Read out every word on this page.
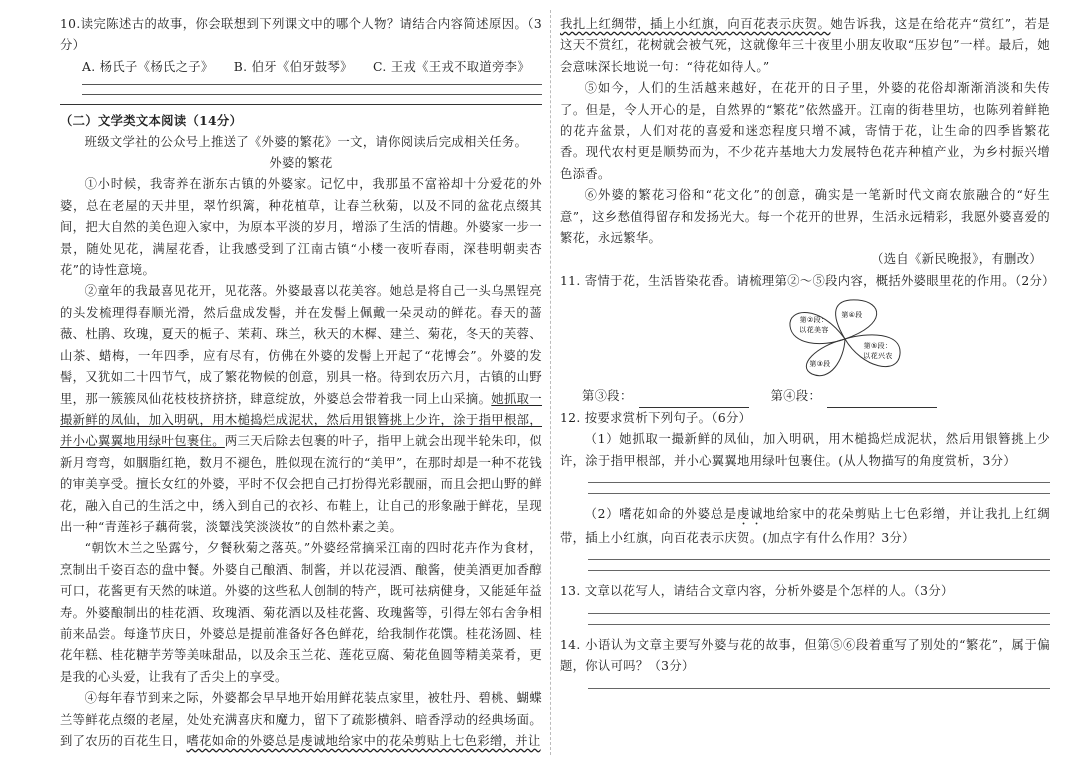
10.读完陈述古的故事，你会联想到下列课文中的哪个人物？请结合内容简述原因。（3分）

A. 杨氏子《杨氏之子》 B. 伯牙《伯牙鼓琴》 C. 王戎《王戎不取道旁李》

（二）文学类文本阅读（14分）

班级文学社的公众号上推送了《外婆的繁花》一文，请你阅读后完成相关任务。

外婆的繁花

①小时候，我寄养在浙东古镇的外婆家。记忆中，我那虽不富裕却十分爱花的外婆，总在老屋的天井里，翠竹织篱，种花植草，让春兰秋菊，以及不同的盆花点缀其间，把大自然的美色迎入家中，为原本平淡的岁月，增添了生活的情趣。外婆家一步一景，随处见花，满屋花香，让我感受到了江南古镇“小楼一夜听春雨，深巷明朝卖杏花”的诗性意境。

②童年的我最喜见花开，见花落。外婆最喜以花美容。她总是将自己一头乌黑锃亮的头发梳理得春顺光滑，然后盘成发髻，并在发髻上佩戴一朵灵动的鲜花。春天的蔷薇、杜鹃、玫瑰，夏天的栀子、茉莉、珠兰，秋天的木樨、建兰、菊花，冬天的芙蓉、山茶、蜡梅，一年四季，应有尽有，仿佛在外婆的发髻上开起了“花博会”。外婆的发髻，又犹如二十四节气，成了繁花物候的创意，别具一格。待到农历六月，古镇的山野里，那一簇簇凤仙花枝枝挤挤挤，肆意绽放，外婆总会带着我一同上山采摘。她抓取一撮新鲜的凤仙，加入明矾，用木槌捣烂成泥状，然后用银簪挑上少许，涂于指甲根部，并小心翼翼地用绿叶包裹住。两三天后除去包裹的叶子，指甲上就会出现半轮朱印，似新月弯弯，如胭脂红艳，数月不褪色，胜似现在流行的“美甲”，在那时却是一种不花钱的审美享受。擅长女红的外婆，平时不仅会把自己打扮得光彩靓丽，而且会把山野的鲜花，融入自己的生活之中，绣入到自己的衣衫、布鞋上，让自己的形象融于鲜花，呈现出一种“青莲衫子藕荷裳，淡颦浅笑淡淡妆”的自然朴素之美。

“朝饮木兰之坠露兮，夕餐秋菊之落英。”外婆经常摘采江南的四时花卉作为食材，烹制出千姿百态的盘中餐。外婆自己酿酒、制酱，并以花浸酒、酿酱，使美酒更加香醇可口，花酱更有天然的味道。外婆的这些私人创制的特产，既可祛病健身，又能延年益寿。外婆酿制出的桂花酒、玫瑰酒、菊花酒以及桂花酱、玫瑰酱等，引得左邻右舍争相前来品尝。每逢节庆日，外婆总是提前准备好各色鲜花，给我制作花馔。桂花汤圆、桂花年糕、桂花糖芋芳等美味甜品，以及余玉兰花、莲花豆腐、菊花鱼圆等精美菜肴，更是我的心头爱，让我有了舌尖上的享受。

④每年春节到来之际，外婆都会早早地开始用鲜花装点家里，被牡丹、碧桃、蝴蝶兰等鲜花点缀的老屋，处处充满喜庆和魔力，留下了疏影横斜、暗香浮动的经典场面。到了农历的百花生日，嗜花如命的外婆总是虔诚地给家中的花朵剪贴上七色彩缯，并让

我扎上红绸带，插上小红旗，向百花表示庆贺。她告诉我，这是在给花卉“赏红”，若是这天不赏红，花树就会被气死，这就像年三十夜里小朋友收取“压岁包”一样。最后，她会意味深长地说一句：“待花如待人。”

⑤如今，人们的生活越来越好，在花开的日子里，外婆的花俗却渐渐消淡和失传了。但是，令人开心的是，自然界的“繁花”依然盛开。江南的街巷里坊，也陈列着鲜艳的花卉盆景，人们对花的喜爱和迷恋程度只增不减，寄情于花，让生命的四季皆繁花香。现代农村更是顺势而为，不少花卉基地大力发展特色花卉种植产业，为乡村振兴增色添香。

⑥外婆的繁花习俗和“花文化”的创意，确实是一笔新时代文商农旅融合的“好生意”，这乡愁值得留存和发扬光大。每一个花开的世界，生活永远精彩，我愿外婆喜爱的繁花，永远繁华。

（选自《新民晚报》，有删改）

11. 寄情于花，生活皆染花香。请梳理第②～⑤段内容，概括外婆眼里花的作用。（2分）

第④段
第②段：
以花美容
第③段
第⑤段：
以花兴农
第③段：	第④段：

12. 按要求赏析下列句子。（6分）

（1）她抓取一撮新鲜的凤仙，加入明矾，用木槌捣烂成泥状，然后用银簪挑上少许，涂于指甲根部，并小心翼翼地用绿叶包裹住。(从人物描写的角度赏析，3分）

（2）嗜花如命的外婆总是虔诚地给家中的花朵剪贴上七色彩缯，并让我扎上红绸带，插上小红旗，向百花表示庆贺。(加点字有什么作用？3分）

13. 文章以花写人，请结合文章内容，分析外婆是个怎样的人。（3分）

14. 小语认为文章主要写外婆与花的故事，但第⑤⑥段着重写了别处的“繁花”，属于偏题，你认可吗？（3分）
